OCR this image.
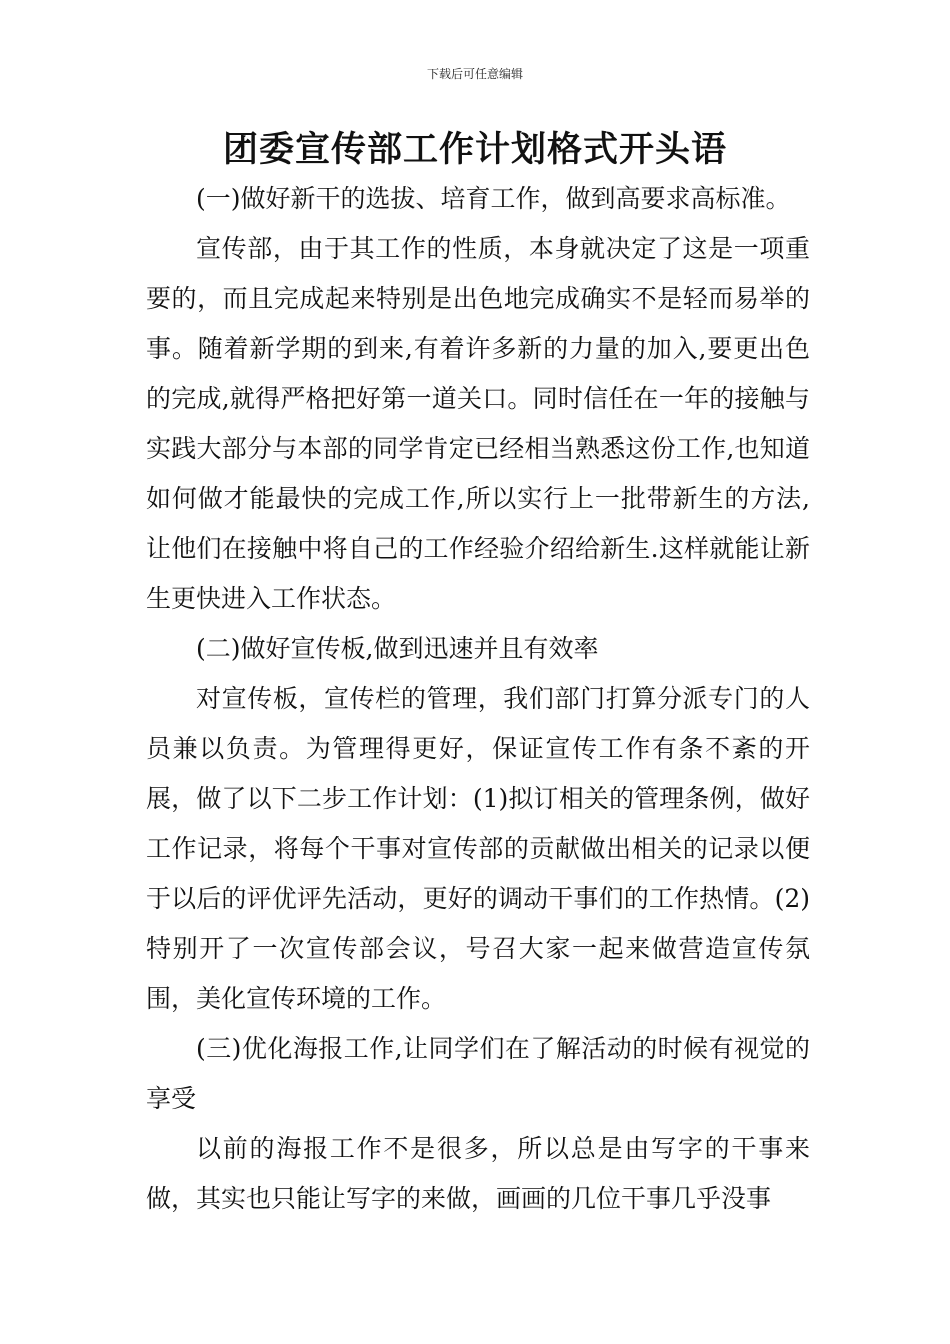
下载后可任意编辑
团委宣传部工作计划格式开头语

(一)做好新干的选拔、培育工作，做到高要求高标准。

宣传部，由于其工作的性质，本身就决定了这是一项重要的，而且完成起来特别是出色地完成确实不是轻而易举的事。随着新学期的到来,有着许多新的力量的加入,要更出色的完成,就得严格把好第一道关口。同时信任在一年的接触与实践大部分与本部的同学肯定已经相当熟悉这份工作,也知道如何做才能最快的完成工作,所以实行上一批带新生的方法,让他们在接触中将自己的工作经验介绍给新生.这样就能让新生更快进入工作状态。

(二)做好宣传板,做到迅速并且有效率

对宣传板，宣传栏的管理，我们部门打算分派专门的人员兼以负责。为管理得更好，保证宣传工作有条不紊的开展，做了以下二步工作计划：(1)拟订相关的管理条例，做好工作记录，将每个干事对宣传部的贡献做出相关的记录以便于以后的评优评先活动，更好的调动干事们的工作热情。(2)特别开了一次宣传部会议，号召大家一起来做营造宣传氛围，美化宣传环境的工作。

(三)优化海报工作,让同学们在了解活动的时候有视觉的享受

以前的海报工作不是很多，所以总是由写字的干事来做，其实也只能让写字的来做，画画的几位干事几乎没事
